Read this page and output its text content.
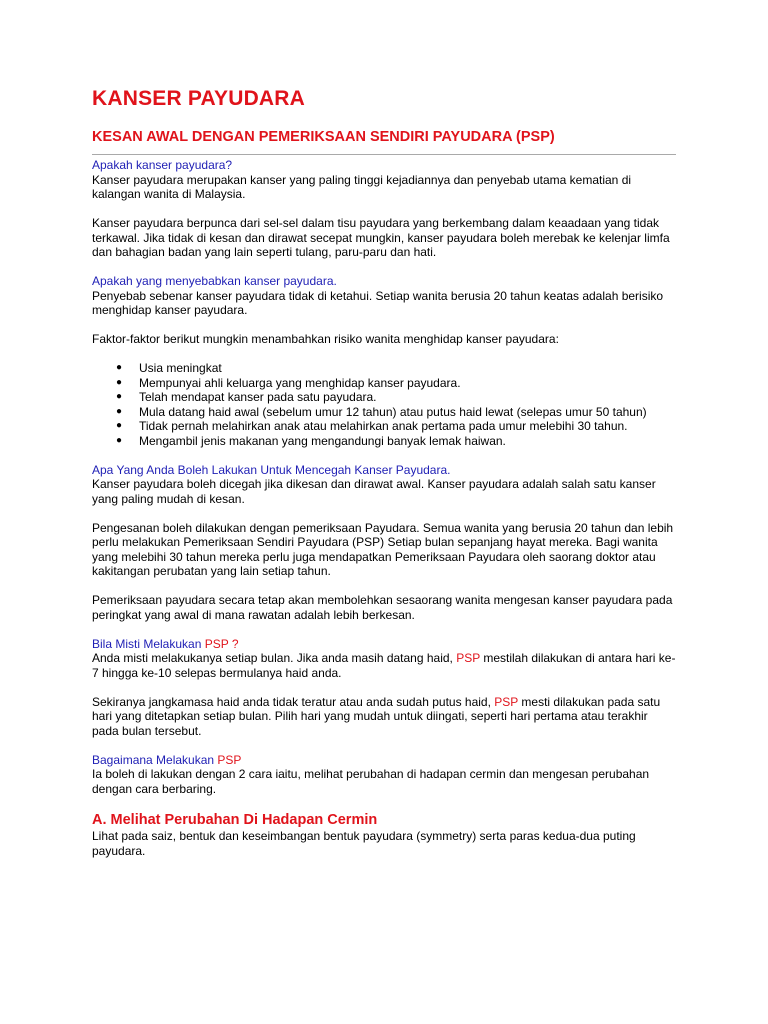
KANSER PAYUDARA
KESAN AWAL DENGAN PEMERIKSAAN SENDIRI PAYUDARA (PSP)

Apakah kanser payudara?

Kanser payudara merupakan kanser yang paling tinggi kejadiannya dan penyebab utama kematian di kalangan wanita di Malaysia.

Kanser payudara berpunca dari sel-sel dalam tisu payudara yang berkembang dalam keaadaan yang tidak terkawal. Jika tidak di kesan dan dirawat secepat mungkin, kanser payudara boleh merebak ke kelenjar limfa dan bahagian badan yang lain seperti tulang, paru-paru dan hati.

Apakah yang menyebabkan kanser payudara.

Penyebab sebenar kanser payudara tidak di ketahui. Setiap wanita berusia 20 tahun keatas adalah berisiko menghidap kanser payudara.

Faktor-faktor berikut mungkin menambahkan risiko wanita menghidap kanser payudara:

● Usia meningkat
● Mempunyai ahli keluarga yang menghidap kanser payudara.
● Telah mendapat kanser pada satu payudara.
● Mula datang haid awal (sebelum umur 12 tahun) atau putus haid lewat (selepas umur 50 tahun)
● Tidak pernah melahirkan anak atau melahirkan anak pertama pada umur melebihi 30 tahun.
● Mengambil jenis makanan yang mengandungi banyak lemak haiwan.

Apa Yang Anda Boleh Lakukan Untuk Mencegah Kanser Payudara.

Kanser payudara boleh dicegah jika dikesan dan dirawat awal. Kanser payudara adalah salah satu kanser yang paling mudah di kesan.

Pengesanan boleh dilakukan dengan pemeriksaan Payudara. Semua wanita yang berusia 20 tahun dan lebih perlu melakukan Pemeriksaan Sendiri Payudara (PSP) Setiap bulan sepanjang hayat mereka. Bagi wanita yang melebihi 30 tahun mereka perlu juga mendapatkan Pemeriksaan Payudara oleh saorang doktor atau kakitangan perubatan yang lain setiap tahun.

Pemeriksaan payudara secara tetap akan membolehkan sesaorang wanita mengesan kanser payudara pada peringkat yang awal di mana rawatan adalah lebih berkesan.

Bila Misti Melakukan PSP ?

Anda misti melakukanya setiap bulan. Jika anda masih datang haid, PSP mestilah dilakukan di antara hari ke-7 hingga ke-10 selepas bermulanya haid anda.

Sekiranya jangkamasa haid anda tidak teratur atau anda sudah putus haid, PSP mesti dilakukan pada satu hari yang ditetapkan setiap bulan. Pilih hari yang mudah untuk diingati, seperti hari pertama atau terakhir pada bulan tersebut.

Bagaimana Melakukan PSP

Ia boleh di lakukan dengan 2 cara iaitu, melihat perubahan di hadapan cermin dan mengesan perubahan dengan cara berbaring.

A. Melihat Perubahan Di Hadapan Cermin

Lihat pada saiz, bentuk dan keseimbangan bentuk payudara (symmetry) serta paras kedua-dua puting payudara.
